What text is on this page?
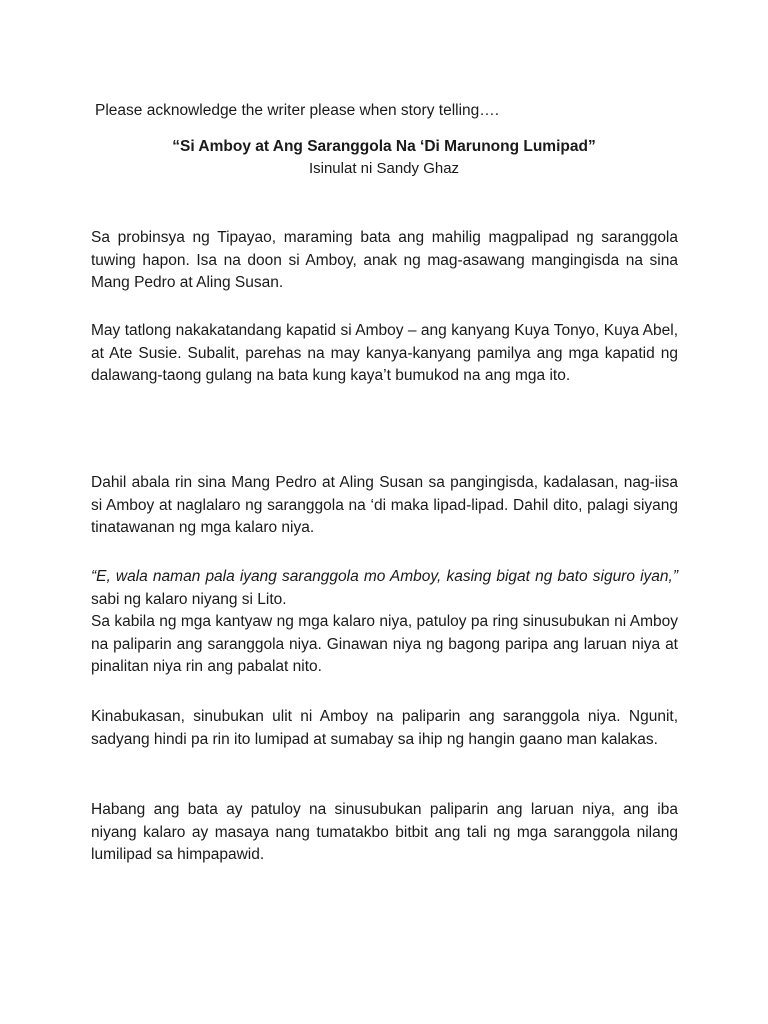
Please acknowledge the writer please when story telling….
“Si Amboy at Ang Saranggola Na ‘Di Marunong Lumipad”
Isinulat ni Sandy Ghaz

Sa probinsya ng Tipayao, maraming bata ang mahilig magpalipad ng saranggola tuwing hapon. Isa na doon si Amboy, anak ng mag-asawang mangingisda na sina Mang Pedro at Aling Susan.

May tatlong nakakatandang kapatid si Amboy – ang kanyang Kuya Tonyo, Kuya Abel, at Ate Susie. Subalit, parehas na may kanya-kanyang pamilya ang mga kapatid ng dalawang-taong gulang na bata kung kaya’t bumukod na ang mga ito.

Dahil abala rin sina Mang Pedro at Aling Susan sa pangingisda, kadalasan, nag-iisa si Amboy at naglalaro ng saranggola na ‘di maka lipad-lipad. Dahil dito, palagi siyang tinatawanan ng mga kalaro niya.

“E, wala naman pala iyang saranggola mo Amboy, kasing bigat ng bato siguro iyan,” sabi ng kalaro niyang si Lito.
Sa kabila ng mga kantyaw ng mga kalaro niya, patuloy pa ring sinusubukan ni Amboy na paliparin ang saranggola niya. Ginawan niya ng bagong paripa ang laruan niya at pinalitan niya rin ang pabalat nito.

Kinabukasan, sinubukan ulit ni Amboy na paliparin ang saranggola niya. Ngunit, sadyang hindi pa rin ito lumipad at sumabay sa ihip ng hangin gaano man kalakas.

Habang ang bata ay patuloy na sinusubukan paliparin ang laruan niya, ang iba niyang kalaro ay masaya nang tumatakbo bitbit ang tali ng mga saranggola nilang lumilipad sa himpapawid.
